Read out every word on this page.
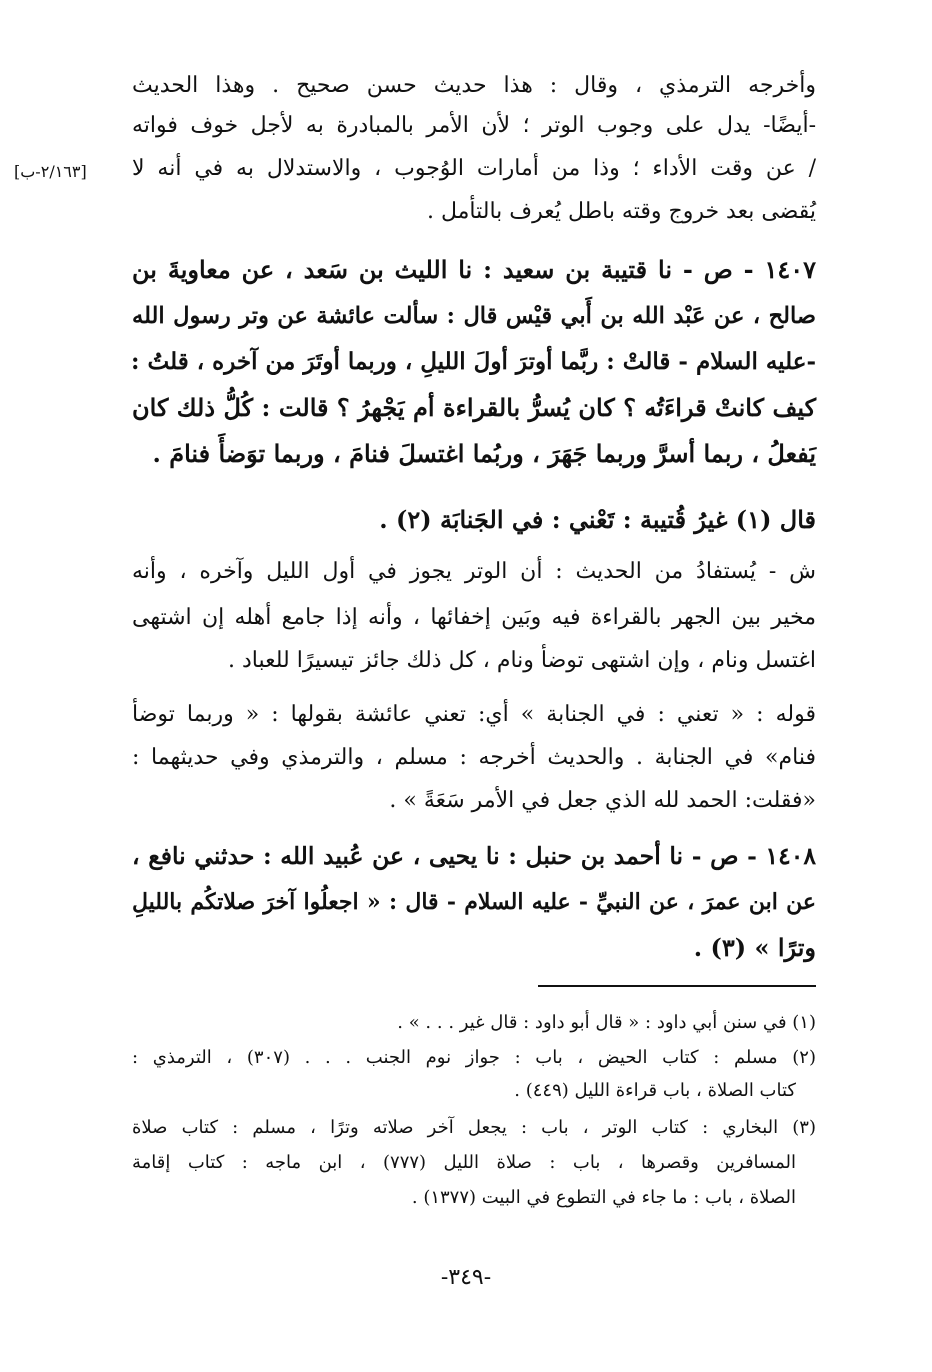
[٢/١٦٣-ب]
وأخرجه الترمذي ، وقال : هذا حديث حسن صحيح . وهذا الحديث
-أيضًا- يدل على وجوب الوتر ؛ لأن الأمر بالمبادرة به لأجل خوف فواته
/ عن وقت الأداء ؛ وذا من أمارات الوُجوب ، والاستدلال به في أنه لا
يُقضى بعد خروج وقته باطل يُعرف بالتأمل .
١٤٠٧ - ص - نا قتيبة بن سعيد : نا الليث بن سَعد ، عن معاويةَ بن
صالح ، عن عَبْد الله بن أَبي قيْس قال : سألت عائشة عن وتر رسول الله
-عليه السلام - قالتْ : ربَّما أوترَ أولَ الليلِ ، وربما أوتَرَ من آخره ، قلتُ :
كيف كانتْ قراءَتُه ؟ كان يُسرُّ بالقراءة أم يَجْهرُ ؟ قالت : كُلُّ ذلك كان
يَفعلُ ، ربما أسرَّ وربما جَهَرَ ، وربُما اغتسلَ فنامَ ، وربما توَضأَ فنامَ .
قال (١) غيرُ قُتيبة : تَعْني : في الجَنابَة (٢) .
ش - يُستفادُ من الحديث : أن الوتر يجوز في أول الليل وآخره ، وأنه
مخير بين الجهر بالقراءة فيه وبَين إخفائها ، وأنه إذا جامع أهله إن اشتهى
اغتسل ونام ، وإن اشتهى توضأ ونام ، كل ذلك جائز تيسيرًا للعباد .
قوله : « تعني : في الجنابة » أي: تعني عائشة بقولها : « وربما توضأ
فنام» في الجنابة . والحديث أخرجه : مسلم ، والترمذي وفي حديثهما :
«فقلت: الحمد لله الذي جعل في الأمر سَعَةً » .
١٤٠٨ - ص - نا أحمد بن حنبل : نا يحيى ، عن عُبيد الله : حدثني نافع ،
عن ابن عمرَ ، عن النبيِّ - عليه السلام - قال : « اجعلُوا آخرَ صلاتكُم بالليلِ
وترًا » (٣) .
(١) في سنن أبي داود : « قال أبو داود : قال غير . . . » .
(٢) مسلم : كتاب الحيض ، باب : جواز نوم الجنب . . . (٣٠٧) ، الترمذي :
كتاب الصلاة ، باب قراءة الليل (٤٤٩) .
(٣) البخاري : كتاب الوتر ، باب : يجعل آخر صلاته وترًا ، مسلم : كتاب صلاة
المسافرين وقصرها ، باب : صلاة الليل (٧٧٧) ، ابن ماجه : كتاب إقامة
الصلاة ، باب : ما جاء في التطوع في البيت (١٣٧٧) .
-٣٤٩-
